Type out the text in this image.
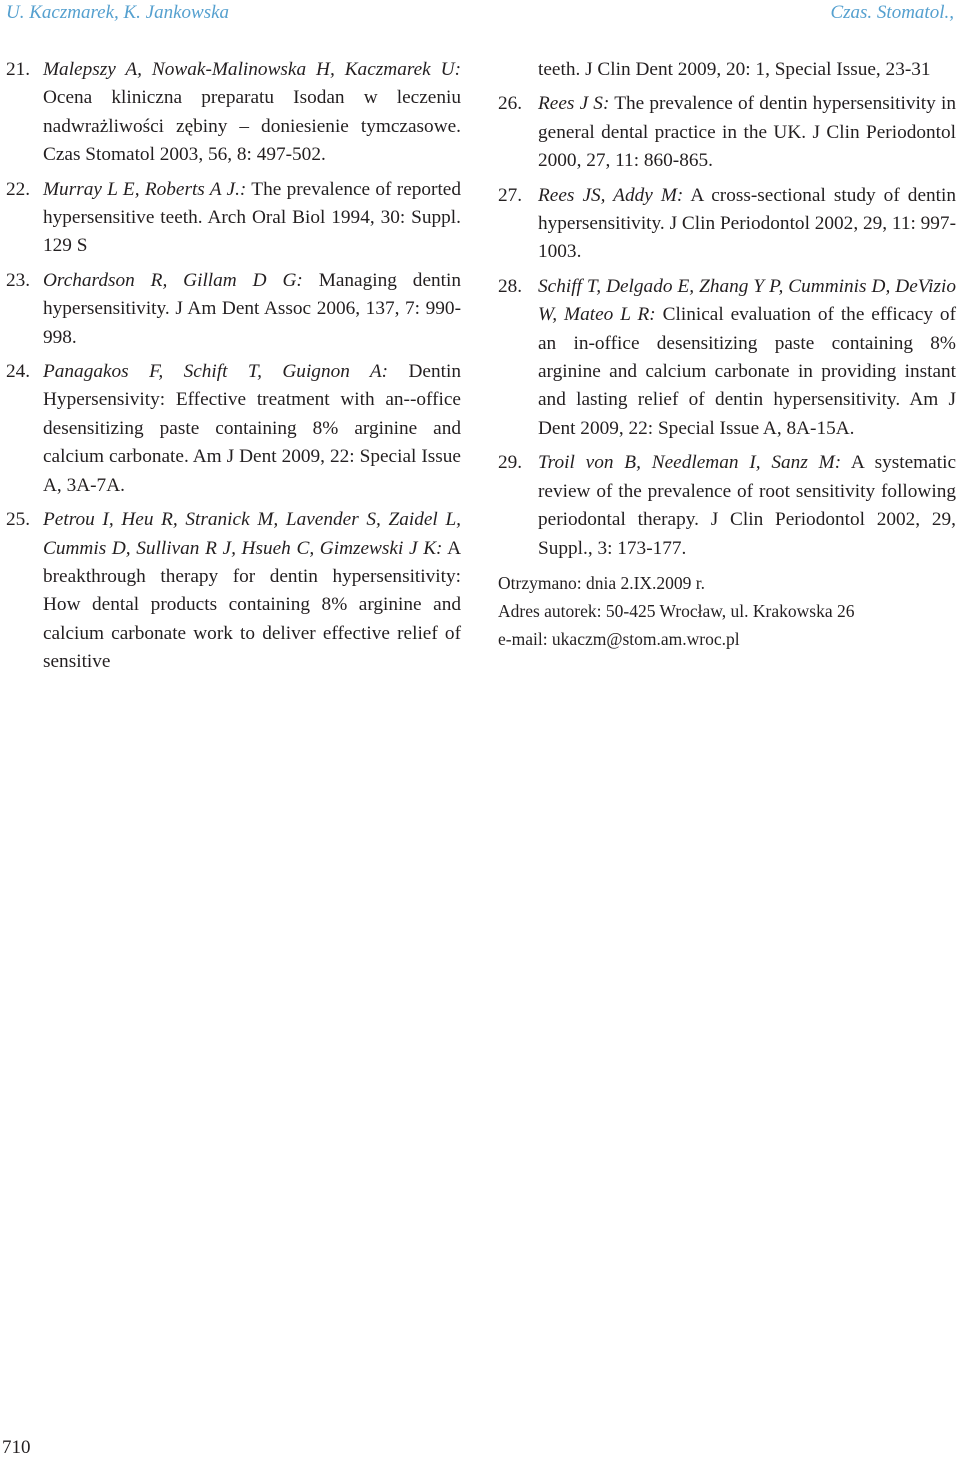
U. Kaczmarek, K. Jankowska	Czas. Stomatol.,
21. Malepszy A, Nowak-Malinowska H, Kaczmarek U: Ocena kliniczna preparatu Isodan w leczeniu nadwrażliwości zębiny – doniesienie tymczasowe. Czas Stomatol 2003, 56, 8: 497-502.
22. Murray L E, Roberts A J.: The prevalence of reported hypersensitive teeth. Arch Oral Biol 1994, 30: Suppl. 129 S
23. Orchardson R, Gillam D G: Managing dentin hypersensitivity. J Am Dent Assoc 2006, 137, 7: 990-998.
24. Panagakos F, Schift T, Guignon A: Dentin Hypersensivity: Effective treatment with an--office desensitizing paste containing 8% arginine and calcium carbonate. Am J Dent 2009, 22: Special Issue A, 3A-7A.
25. Petrou I, Heu R, Stranick M, Lavender S, Zaidel L, Cummis D, Sullivan R J, Hsueh C, Gimzewski J K: A breakthrough therapy for dentin hypersensitivity: How dental products containing 8% arginine and calcium carbonate work to deliver effective relief of sensitive
teeth. J Clin Dent 2009, 20: 1, Special Issue, 23-31
26. Rees J S: The prevalence of dentin hypersensitivity in general dental practice in the UK. J Clin Periodontol 2000, 27, 11: 860-865.
27. Rees JS, Addy M: A cross-sectional study of dentin hypersensitivity. J Clin Periodontol 2002, 29, 11: 997-1003.
28. Schiff T, Delgado E, Zhang Y P, Cumminis D, DeVizio W, Mateo L R: Clinical evaluation of the efficacy of an in-office desensitizing paste containing 8% arginine and calcium carbonate in providing instant and lasting relief of dentin hypersensitivity. Am J Dent 2009, 22: Special Issue A, 8A-15A.
29. Troil von B, Needleman I, Sanz M: A systematic review of the prevalence of root sensitivity following periodontal therapy. J Clin Periodontol 2002, 29, Suppl., 3: 173-177.
Otrzymano: dnia 2.IX.2009 r.
Adres autorek: 50-425 Wrocław, ul. Krakowska 26
e-mail: ukaczm@stom.am.wroc.pl
710
